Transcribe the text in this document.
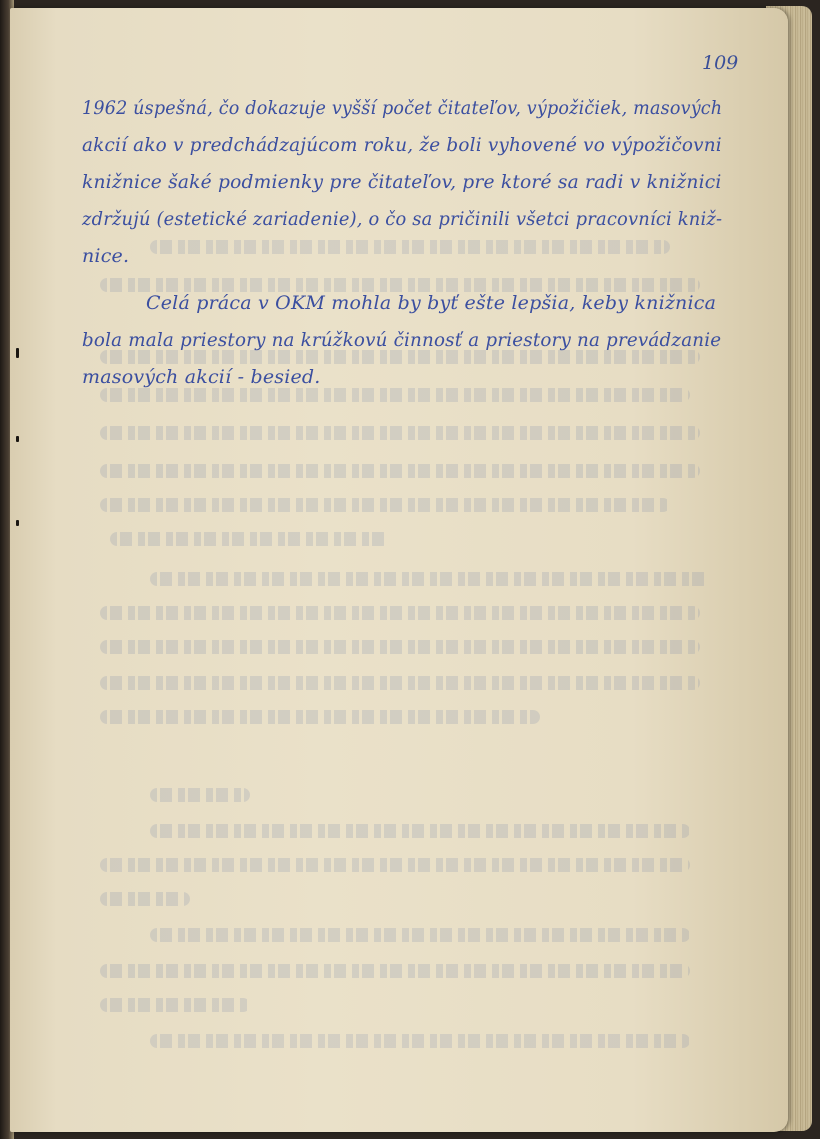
109
1962 úspešná, čo dokazuje vyšší počet čitateľov, výpožičiek, masových
akcií ako v predchádzajúcom roku, že boli vyhovené vo výpožičovni
knižnice šaké podmienky pre čitateľov, pre ktoré sa radi v knižnici
zdržujú (estetické zariadenie), o čo sa pričinili všetci pracovníci kniž-
nice.
Celá práca v OKM mohla by byť ešte lepšia, keby knižnica
bola mala priestory na krúžkovú činnosť a priestory na prevádzanie
masových akcií - besied.
